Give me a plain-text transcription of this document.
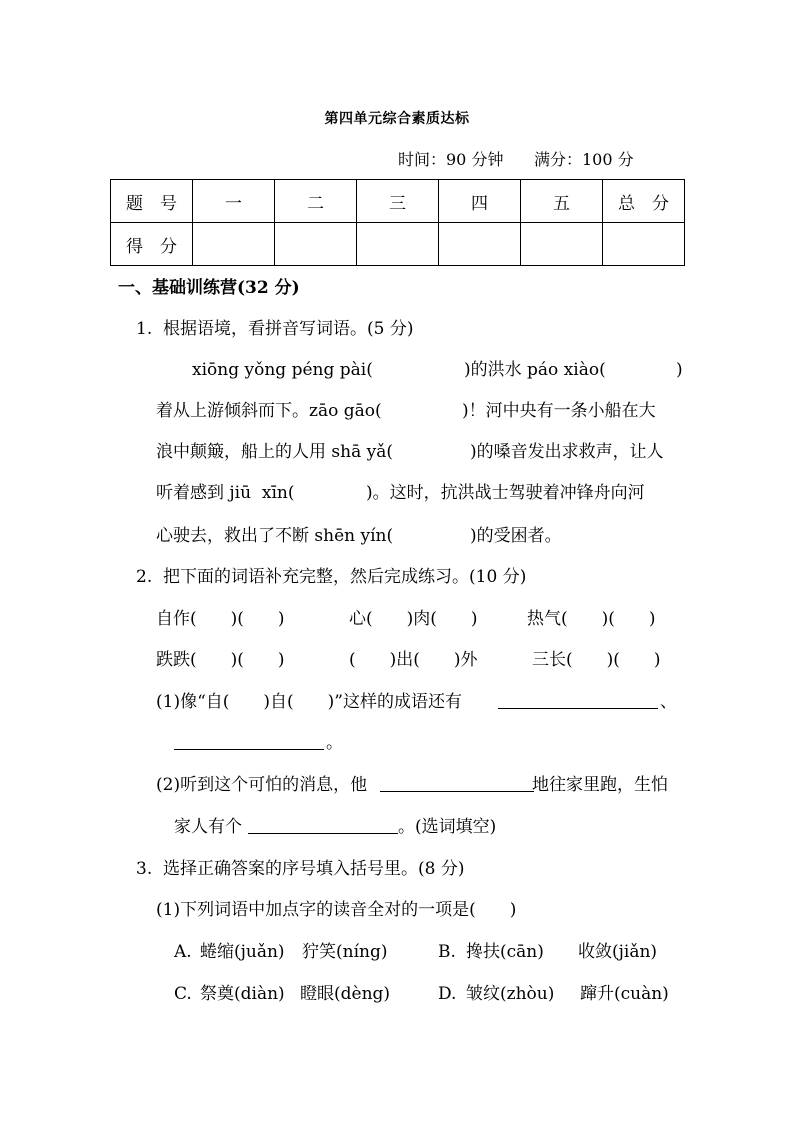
第四单元综合素质达标
时间：90 分钟 满分：100 分
题　号	一	二	三	四	五	总　分
得　分						
一、基础训练营(32 分)
1.  根据语境，看拼音写词语。(5 分)
xiōng yǒng péng pài(	)的洪水 páo xiào(	)
着从上游倾斜而下。zāo gāo(	)！河中央有一条小船在大
浪中颠簸，船上的人用 shā yǎ(	)的嗓音发出求救声，让人
听着感到 jiū  xīn(	)。这时，抗洪战士驾驶着冲锋舟向河
心驶去，救出了不断 shēn yín(	)的受困者。
2.  把下面的词语补充完整，然后完成练习。(10 分)
自作(　　)(　　)	心(　　)肉(　　)	热气(　　)(　　)
跌跌(　　)(　　)	(　　)出(　　)外	三长(　　)(　　)
(1)像“自(　　)自(　　)”这样的成语还有	、
。
(2)听到这个可怕的消息，他	地往家里跑，生怕
家人有个	。(选词填空)
3.  选择正确答案的序号填入括号里。(8 分)
(1)下列词语中加点字的读音全对的一项是(　　)
A. 蜷缩(juǎn) 狞笑(níng)	B. 搀扶(cān) 收敛(jiǎn)
C. 祭奠(diàn) 瞪眼(dèng)	D. 皱纹(zhòu) 蹿升(cuàn)
